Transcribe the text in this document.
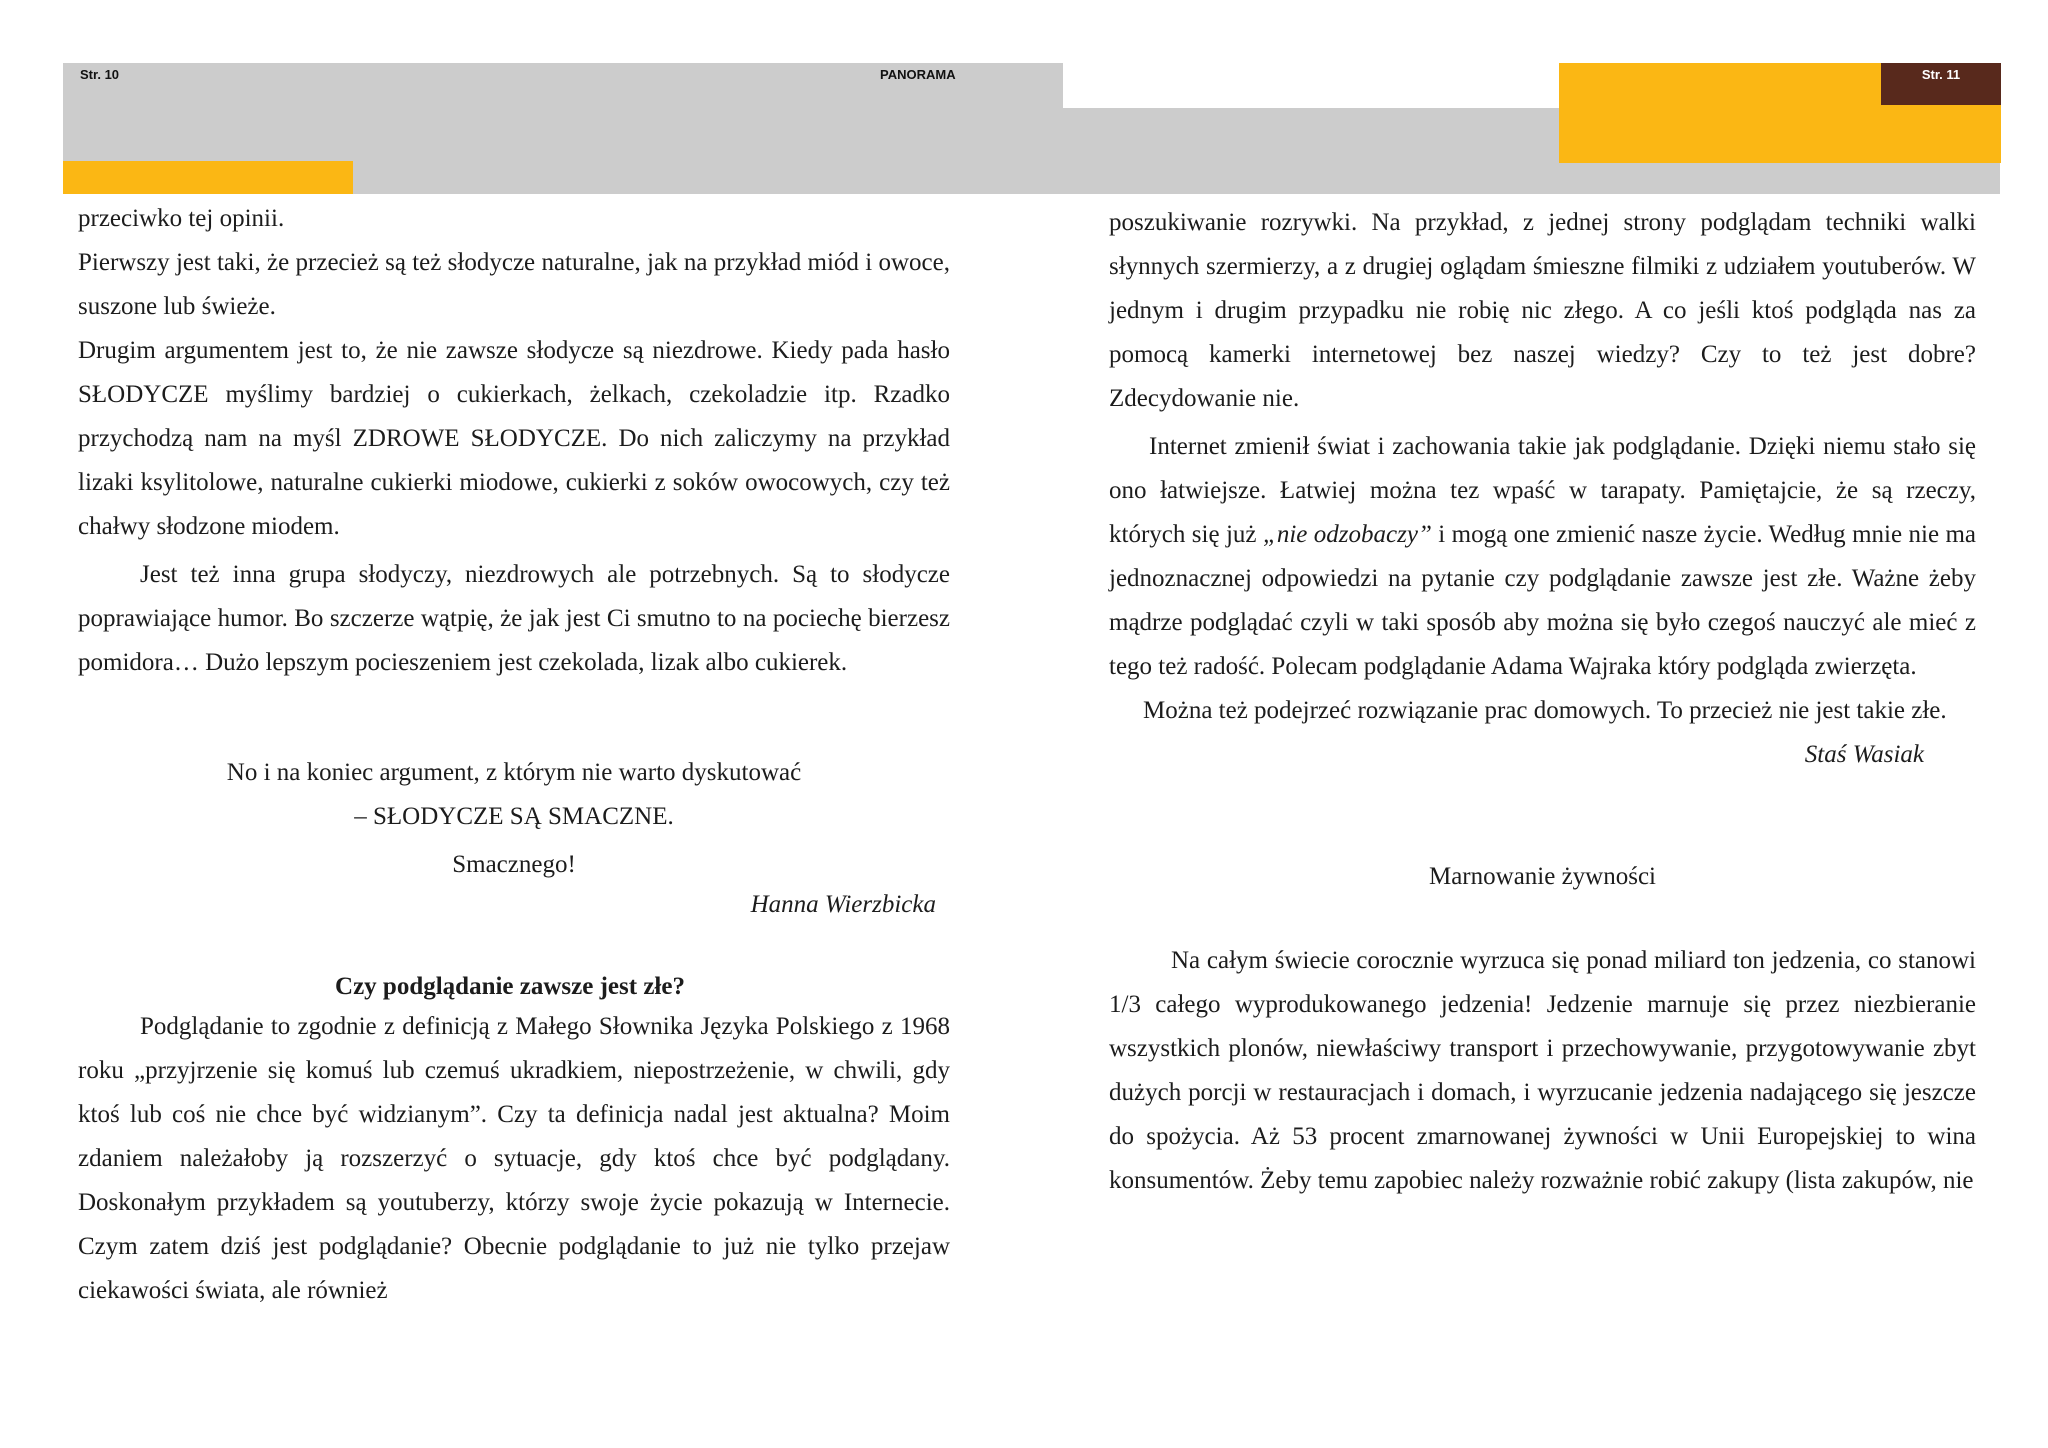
Str. 10	PANORAMA	Str. 11

przeciwko tej opinii.

Pierwszy jest taki, że przecież są też słodycze naturalne, jak na przykład miód i owoce, suszone lub świeże.

Drugim argumentem jest to, że nie zawsze słodycze są niezdrowe. Kiedy pada hasło SŁODYCZE myślimy bardziej o cukierkach, żelkach, czekoladzie itp. Rzadko przychodzą nam na myśl ZDROWE SŁODYCZE. Do nich zaliczymy na przykład lizaki ksylitolowe, naturalne cukierki miodowe, cukierki z soków owocowych, czy też chałwy słodzone miodem.

Jest też inna grupa słodyczy, niezdrowych ale potrzebnych. Są to słodycze poprawiające humor. Bo szczerze wątpię, że jak jest Ci smutno to na pociechę bierzesz pomidora… Dużo lepszym pocieszeniem jest czekolada, lizak albo cukierek.

No i na koniec argument, z którym nie warto dyskutować

– SŁODYCZE SĄ SMACZNE.

Smacznego!

Hanna Wierzbicka

Czy podglądanie zawsze jest złe?

Podglądanie to zgodnie z definicją z Małego Słownika Języka Polskiego z 1968 roku „przyjrzenie się komuś lub czemuś ukradkiem, niepostrzeżenie, w chwili, gdy ktoś lub coś nie chce być widzianym”. Czy ta definicja nadal jest aktualna? Moim zdaniem należałoby ją rozszerzyć o sytuacje, gdy ktoś chce być podglądany. Doskonałym przykładem są youtuberzy, którzy swoje życie pokazują w Internecie. Czym zatem dziś jest podglądanie? Obecnie podglądanie to już nie tylko przejaw ciekawości świata, ale również

poszukiwanie rozrywki. Na przykład, z jednej strony podglądam techniki walki słynnych szermierzy, a z drugiej oglądam śmieszne filmiki z udziałem youtuberów. W jednym i drugim przypadku nie robię nic złego. A co jeśli ktoś podgląda nas za pomocą kamerki internetowej bez naszej wiedzy? Czy to też jest dobre? Zdecydowanie nie.

Internet zmienił świat i zachowania takie jak podglądanie. Dzięki niemu stało się ono łatwiejsze. Łatwiej można tez wpaść w tarapaty. Pamiętajcie, że są rzeczy, których się już „nie odzobaczy” i mogą one zmienić nasze życie. Według mnie nie ma jednoznacznej odpowiedzi na pytanie czy podglądanie zawsze jest złe. Ważne żeby mądrze podglądać czyli w taki sposób aby można się było czegoś nauczyć ale mieć z tego też radość. Polecam podglądanie Adama Wajraka który podgląda zwierzęta.

Można też podejrzeć rozwiązanie prac domowych. To przecież nie jest takie złe.

Staś Wasiak

Marnowanie żywności

Na całym świecie corocznie wyrzuca się ponad miliard ton jedzenia, co stanowi 1/3 całego wyprodukowanego jedzenia! Jedzenie marnuje się przez niezbieranie wszystkich plonów, niewłaściwy transport i przechowywanie, przygotowywanie zbyt dużych porcji w restauracjach i domach, i wyrzucanie jedzenia nadającego się jeszcze do spożycia. Aż 53 procent zmarnowanej żywności w Unii Europejskiej to wina konsumentów. Żeby temu zapobiec należy rozważnie robić zakupy (lista zakupów, nie
